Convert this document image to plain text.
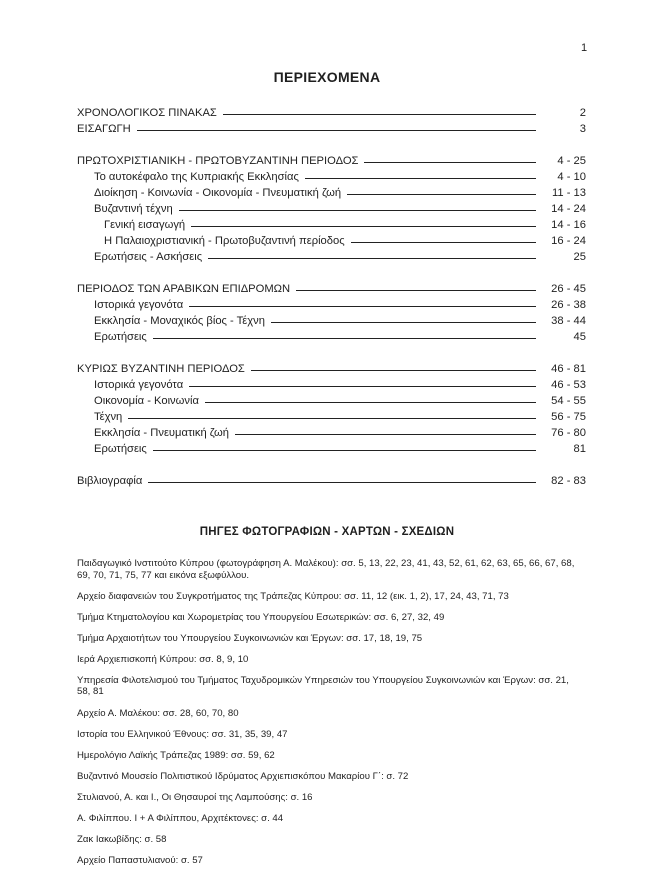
1
ΠΕΡΙΕΧΟΜΕΝΑ
ΧΡΟΝΟΛΟΓΙΚΟΣ ΠΙΝΑΚΑΣ	2
ΕΙΣΑΓΩΓΗ	3
ΠΡΩΤΟΧΡΙΣΤΙΑΝΙΚΗ - ΠΡΩΤΟΒΥΖΑΝΤΙΝΗ ΠΕΡΙΟΔΟΣ	4 - 25
Το αυτοκέφαλο της Κυπριακής Εκκλησίας	4 - 10
Διοίκηση - Κοινωνία - Οικονομία - Πνευματική ζωή	11 - 13
Βυζαντινή τέχνη	14 - 24
Γενική εισαγωγή	14 - 16
Η Παλαιοχριστιανική - Πρωτοβυζαντινή περίοδος	16 - 24
Ερωτήσεις - Ασκήσεις	25
ΠΕΡΙΟΔΟΣ ΤΩΝ ΑΡΑΒΙΚΩΝ ΕΠΙΔΡΟΜΩΝ	26 - 45
Ιστορικά γεγονότα	26 - 38
Εκκλησία - Μοναχικός βίος - Τέχνη	38 - 44
Ερωτήσεις	45
ΚΥΡΙΩΣ ΒΥΖΑΝΤΙΝΗ ΠΕΡΙΟΔΟΣ	46 - 81
Ιστορικά γεγονότα	46 - 53
Οικονομία - Κοινωνία	54 - 55
Τέχνη	56 - 75
Εκκλησία - Πνευματική ζωή	76 - 80
Ερωτήσεις	81
Βιβλιογραφία	82 - 83
ΠΗΓΕΣ ΦΩΤΟΓΡΑΦΙΩΝ - ΧΑΡΤΩΝ - ΣΧΕΔΙΩΝ

Παιδαγωγικό Ινστιτούτο Κύπρου (φωτογράφηση Α. Μαλέκου): σσ. 5, 13, 22, 23, 41, 43, 52, 61, 62, 63, 65, 66, 67, 68, 69, 70, 71, 75, 77 και εικόνα εξωφύλλου.

Αρχείο διαφανειών του Συγκροτήματος της Τράπεζας Κύπρου: σσ. 11, 12 (εικ. 1, 2), 17, 24, 43, 71, 73

Τμήμα Κτηματολογίου και Χωρομετρίας του Υπουργείου Εσωτερικών: σσ. 6, 27, 32, 49

Τμήμα Αρχαιοτήτων του Υπουργείου Συγκοινωνιών και Έργων: σσ. 17, 18, 19, 75

Ιερά Αρχιεπισκοπή Κύπρου: σσ. 8, 9, 10

Υπηρεσία Φιλοτελισμού του Τμήματος Ταχυδρομικών Υπηρεσιών του Υπουργείου Συγκοινωνιών και Έργων: σσ. 21, 58, 81

Αρχείο Α. Μαλέκου: σσ. 28, 60, 70, 80

Ιστορία του Ελληνικού Έθνους: σσ. 31, 35, 39, 47

Ημερολόγιο Λαϊκής Τράπεζας 1989: σσ. 59, 62

Βυζαντινό Μουσείο Πολιτιστικού Ιδρύματος Αρχιεπισκόπου Μακαρίου Γ΄: σ. 72

Στυλιανού, Α. και Ι., Οι Θησαυροί της Λαμπούσης: σ. 16

Α. Φιλίππου. Ι + Α Φιλίππου, Αρχιτέκτονες: σ. 44

Ζακ Ιακωβίδης: σ. 58

Αρχείο Παπαστυλιανού: σ. 57
